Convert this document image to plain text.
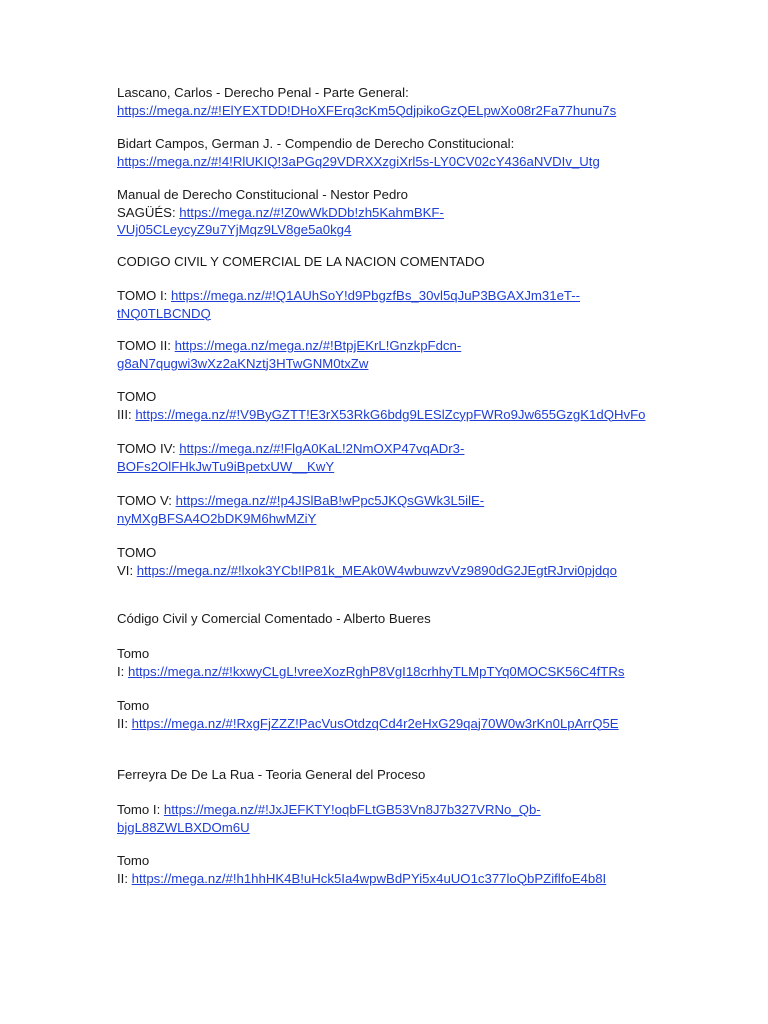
Lascano, Carlos - Derecho Penal - Parte General:
https://mega.nz/#!ElYEXTDD!DHoXFErq3cKm5QdjpikoGzQELpwXo08r2Fa77hunu7s
Bidart Campos, German J. - Compendio de Derecho Constitucional:
https://mega.nz/#!4!RlUKIQ!3aPGq29VDRXXzgiXrl5s-LY0CV02cY436aNVDIv_Utg
Manual de Derecho Constitucional - Nestor Pedro
SAGÜÉS: https://mega.nz/#!Z0wWkDDb!zh5KahmBKF-
VUj05CLeycyZ9u7YjMqz9LV8ge5a0kg4
CODIGO CIVIL Y COMERCIAL DE LA NACION COMENTADO
TOMO I: https://mega.nz/#!Q1AUhSoY!d9PbgzfBs_30vl5qJuP3BGAXJm31eT--
tNQ0TLBCNDQ
TOMO II: https://mega.nz/mega.nz/#!BtpjEKrL!GnzkpFdcn-
g8aN7qugwi3wXz2aKNztj3HTwGNM0txZw
TOMO
III: https://mega.nz/#!V9ByGZTT!E3rX53RkG6bdg9LESlZcypFWRo9Jw655GzgK1dQHvFo
TOMO IV: https://mega.nz/#!FlgA0KaL!2NmOXP47vqADr3-
BOFs2OlFHkJwTu9iBpetxUW__KwY
TOMO V: https://mega.nz/#!p4JSlBaB!wPpc5JKQsGWk3L5ilE-
nyMXgBFSA4O2bDK9M6hwMZiY
TOMO
VI: https://mega.nz/#!lxok3YCb!lP81k_MEAk0W4wbuwzvVz9890dG2JEgtRJrvi0pjdqo
Código Civil y Comercial Comentado - Alberto Bueres
Tomo
I: https://mega.nz/#!kxwyCLgL!vreeXozRghP8VgI18crhhyTLMpTYq0MOCSK56C4fTRs
Tomo
II: https://mega.nz/#!RxgFjZZZ!PacVusOtdzqCd4r2eHxG29qaj70W0w3rKn0LpArrQ5E
Ferreyra De De La Rua - Teoria General del Proceso
Tomo I: https://mega.nz/#!JxJEFKTY!oqbFLtGB53Vn8J7b327VRNo_Qb-
bjgL88ZWLBXDOm6U
Tomo
II: https://mega.nz/#!h1hhHK4B!uHck5Ia4wpwBdPYi5x4uUO1c377loQbPZiflfoE4b8I
